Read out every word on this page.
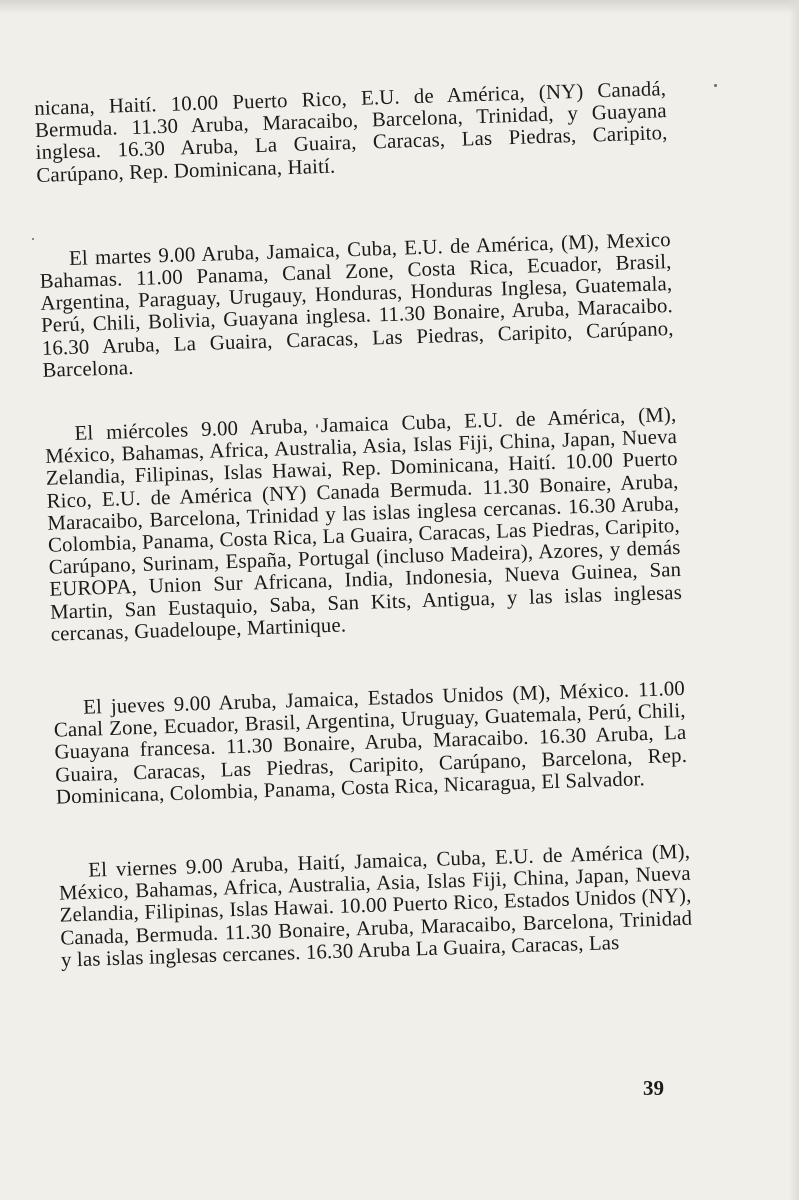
nicana, Haití. 10.00 Puerto Rico, E.U. de América, (NY) Canadá, Bermuda. 11.30 Aruba, Maracaibo, Barcelona, Trinidad, y Guayana inglesa. 16.30 Aruba, La Guaira, Caracas, Las Piedras, Caripito, Carúpano, Rep. Dominicana, Haití.

El martes 9.00 Aruba, Jamaica, Cuba, E.U. de América, (M), Mexico Bahamas. 11.00 Panama, Canal Zone, Costa Rica, Ecuador, Brasil, Argentina, Paraguay, Urugauy, Honduras, Honduras Inglesa, Guatemala, Perú, Chili, Bolivia, Guayana inglesa. 11.30 Bonaire, Aruba, Maracaibo. 16.30 Aruba, La Guaira, Caracas, Las Piedras, Caripito, Carúpano, Barcelona.

El miércoles 9.00 Aruba, Jamaica Cuba, E.U. de América, (M), México, Bahamas, Africa, Australia, Asia, Islas Fiji, China, Japan, Nueva Zelandia, Filipinas, Islas Hawai, Rep. Dominicana, Haití. 10.00 Puerto Rico, E.U. de América (NY) Canada Bermuda. 11.30 Bonaire, Aruba, Maracaibo, Barcelona, Trinidad y las islas inglesa cercanas. 16.30 Aruba, Colombia, Panama, Costa Rica, La Guaira, Caracas, Las Piedras, Caripito, Carúpano, Surinam, España, Portugal (incluso Madeira), Azores, y demás EUROPA, Union Sur Africana, India, Indonesia, Nueva Guinea, San Martin, San Eustaquio, Saba, San Kits, Antigua, y las islas inglesas cercanas, Guadeloupe, Martinique.

El jueves 9.00 Aruba, Jamaica, Estados Unidos (M), México. 11.00 Canal Zone, Ecuador, Brasil, Argentina, Uruguay, Guatemala, Perú, Chili, Guayana francesa. 11.30 Bonaire, Aruba, Maracaibo. 16.30 Aruba, La Guaira, Caracas, Las Piedras, Caripito, Carúpano, Barcelona, Rep. Dominicana, Colombia, Panama, Costa Rica, Nicaragua, El Salvador.

El viernes 9.00 Aruba, Haití, Jamaica, Cuba, E.U. de América (M), México, Bahamas, Africa, Australia, Asia, Islas Fiji, China, Japan, Nueva Zelandia, Filipinas, Islas Hawai. 10.00 Puerto Rico, Estados Unidos (NY), Canada, Bermuda. 11.30 Bonaire, Aruba, Maracaibo, Barcelona, Trinidad y las islas inglesas cercanes. 16.30 Aruba La Guaira, Caracas, Las

39
